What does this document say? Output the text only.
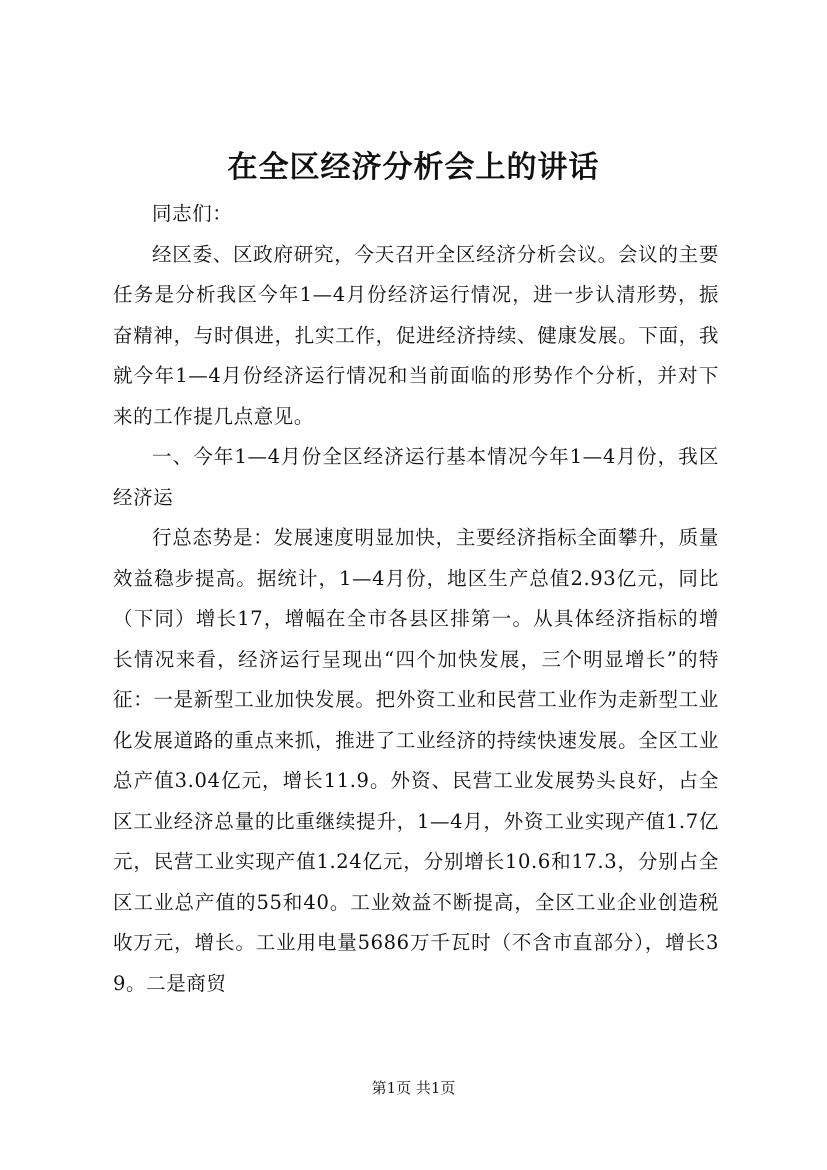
在全区经济分析会上的讲话

同志们：

经区委、区政府研究，今天召开全区经济分析会议。会议的主要任务是分析我区今年1—4月份经济运行情况，进一步认清形势，振奋精神，与时俱进，扎实工作，促进经济持续、健康发展。下面，我就今年1—4月份经济运行情况和当前面临的形势作个分析，并对下来的工作提几点意见。

一、今年1—4月份全区经济运行基本情况今年1—4月份，我区经济运

行总态势是：发展速度明显加快，主要经济指标全面攀升，质量效益稳步提高。据统计，1—4月份，地区生产总值2.93亿元，同比（下同）增长17，增幅在全市各县区排第一。从具体经济指标的增长情况来看，经济运行呈现出“四个加快发展，三个明显增长”的特征：一是新型工业加快发展。把外资工业和民营工业作为走新型工业化发展道路的重点来抓，推进了工业经济的持续快速发展。全区工业总产值3.04亿元，增长11.9。外资、民营工业发展势头良好，占全区工业经济总量的比重继续提升，1—4月，外资工业实现产值1.7亿元，民营工业实现产值1.24亿元，分别增长10.6和17.3，分别占全区工业总产值的55和40。工业效益不断提高，全区工业企业创造税收万元，增长。工业用电量5686万千瓦时（不含市直部分），增长39。二是商贸

第1页 共1页
